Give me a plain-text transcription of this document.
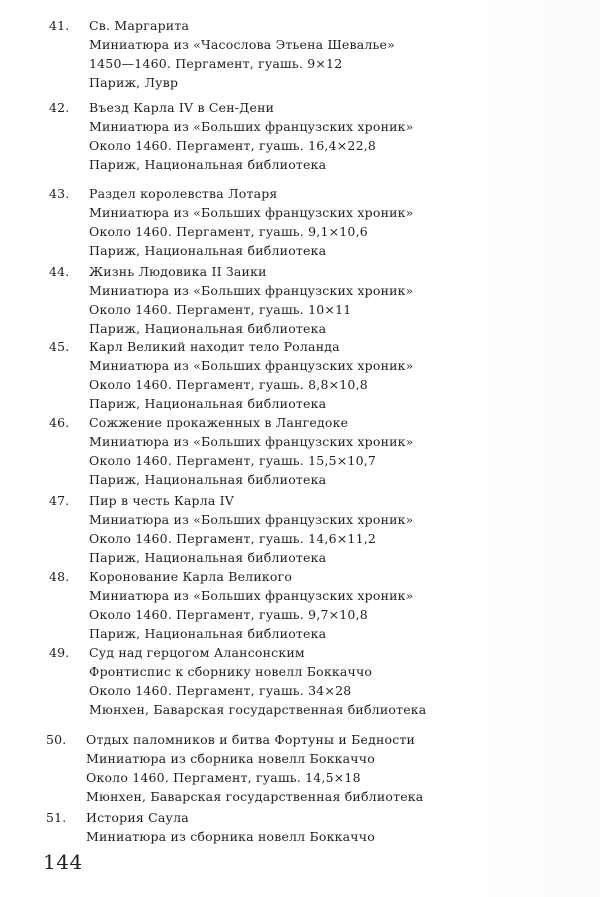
41. Св. Маргарита
Миниатюра из «Часослова Этьена Шевалье»
1450—1460. Пергамент, гуашь. 9×12
Париж, Лувр
42. Въезд Карла IV в Сен-Дени
Миниатюра из «Больших французских хроник»
Около 1460. Пергамент, гуашь. 16,4×22,8
Париж, Национальная библиотека
43. Раздел королевства Лотаря
Миниатюра из «Больших французских хроник»
Около 1460. Пергамент, гуашь. 9,1×10,6
Париж, Национальная библиотека
44. Жизнь Людовика II Заики
Миниатюра из «Больших французских хроник»
Около 1460. Пергамент, гуашь. 10×11
Париж, Национальная библиотека
45. Карл Великий находит тело Роланда
Миниатюра из «Больших французских хроник»
Около 1460. Пергамент, гуашь. 8,8×10,8
Париж, Национальная библиотека
46. Сожжение прокаженных в Лангедоке
Миниатюра из «Больших французских хроник»
Около 1460. Пергамент, гуашь. 15,5×10,7
Париж, Национальная библиотека
47. Пир в честь Карла IV
Миниатюра из «Больших французских хроник»
Около 1460. Пергамент, гуашь. 14,6×11,2
Париж, Национальная библиотека
48. Коронование Карла Великого
Миниатюра из «Больших французских хроник»
Около 1460. Пергамент, гуашь. 9,7×10,8
Париж, Национальная библиотека
49. Суд над герцогом Алансонским
Фронтиспис к сборнику новелл Боккаччо
Около 1460. Пергамент, гуашь. 34×28
Мюнхен, Баварская государственная библиотека
50. Отдых паломников и битва Фортуны и Бедности
Миниатюра из сборника новелл Боккаччо
Около 1460. Пергамент, гуашь. 14,5×18
Мюнхен, Баварская государственная библиотека
51. История Саула
Миниатюра из сборника новелл Боккаччо
144
